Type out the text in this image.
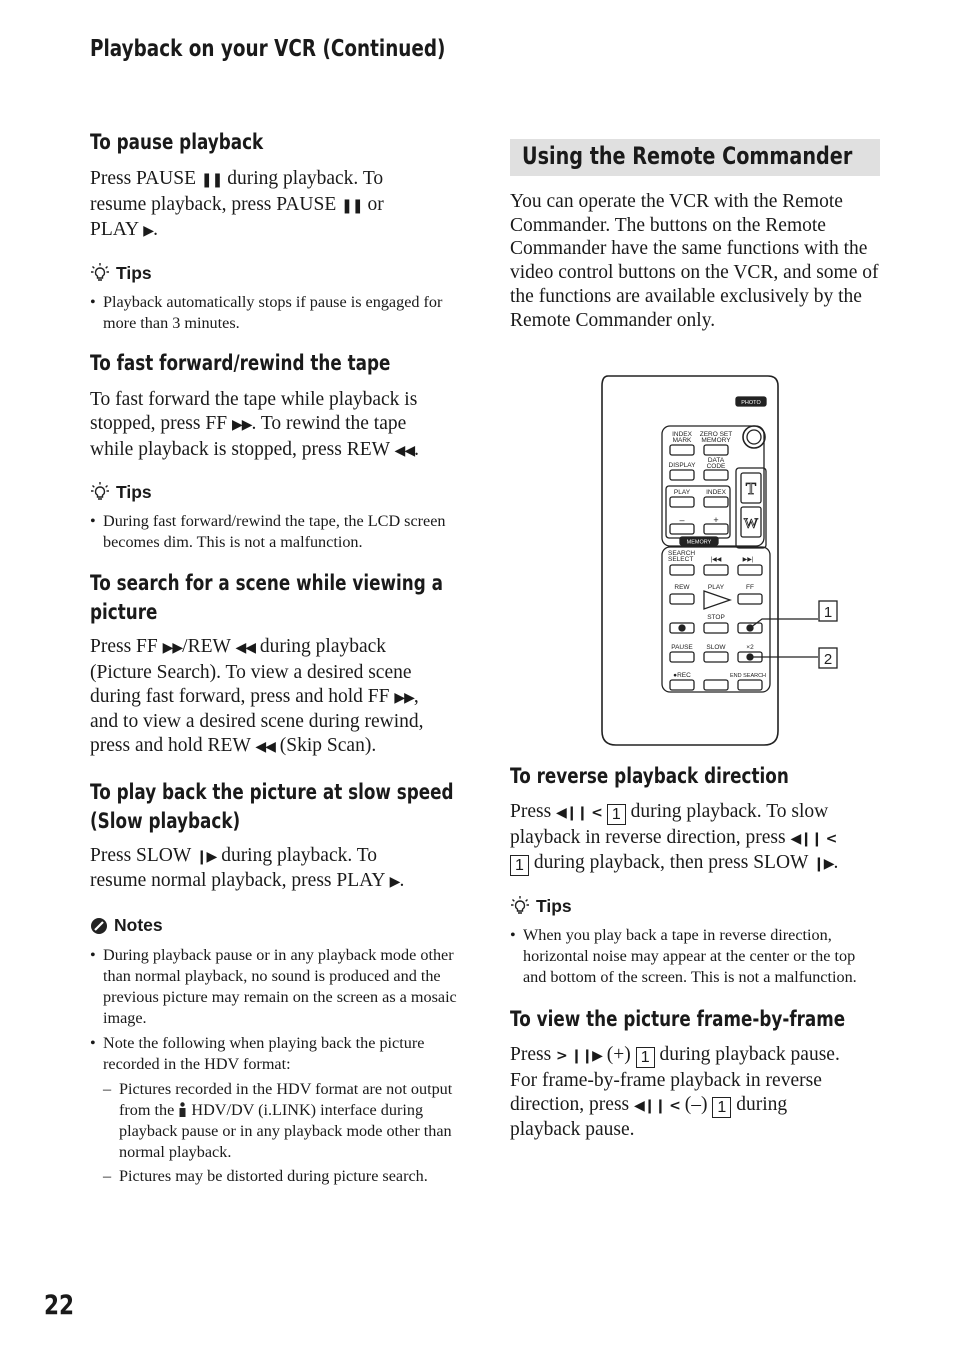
Playback on your VCR (Continued)
To pause playback

Press PAUSE ❚❚ during playback. To
resume playback, press PAUSE ❚❚ or
PLAY ▶.

Tips
• Playback automatically stops if pause is engaged for more than 3 minutes.
To fast forward/rewind the tape

To fast forward the tape while playback is
stopped, press FF ▶▶. To rewind the tape
while playback is stopped, press REW ◀◀.

Tips
• During fast forward/rewind the tape, the LCD screen becomes dim. This is not a malfunction.
To search for a scene while viewing a
picture

Press FF ▶▶/REW ◀◀ during playback
(Picture Search). To view a desired scene
during fast forward, press and hold FF ▶▶,
and to view a desired scene during rewind,
press and hold REW ◀◀ (Skip Scan).

To play back the picture at slow speed
(Slow playback)

Press SLOW ❙▶ during playback. To
resume normal playback, press PLAY ▶.

Notes
• During playback pause or in any playback mode other than normal playback, no sound is produced and the previous picture may remain on the screen as a mosaic image.
• Note the following when playing back the picture recorded in the HDV format:
– Pictures recorded in the HDV format are not output from the  HDV/DV (i.LINK) interface during playback pause or in any playback mode other than normal playback.
– Pictures may be distorted during picture search.
Using the Remote Commander

You can operate the VCR with the Remote Commander. The buttons on the Remote Commander have the same functions with the video control buttons on the VCR, and some of the functions are available exclusively by the Remote Commander only.

PHOTO
T
W
INDEX
MARK
ZERO SET
MEMORY
DISPLAY
DATA
CODE
PLAY INDEX
–	+
MEMORY
SEARCH
SELECT	|◀◀	▶▶|
REW	PLAY	FF
STOP
PAUSE SLOW	×2
●REC	END SEARCH
1
2
To reverse playback direction

Press ◀❙❙ < 1 during playback. To slow
playback in reverse direction, press ◀❙❙ <
1 during playback, then press SLOW ❙▶.

Tips
• When you play back a tape in reverse direction, horizontal noise may appear at the center or the top and bottom of the screen. This is not a malfunction.
To view the picture frame-by-frame

Press > ❙❙▶ (+) 1 during playback pause.
For frame-by-frame playback in reverse
direction, press ◀❙❙ < (–) 1 during
playback pause.

22
